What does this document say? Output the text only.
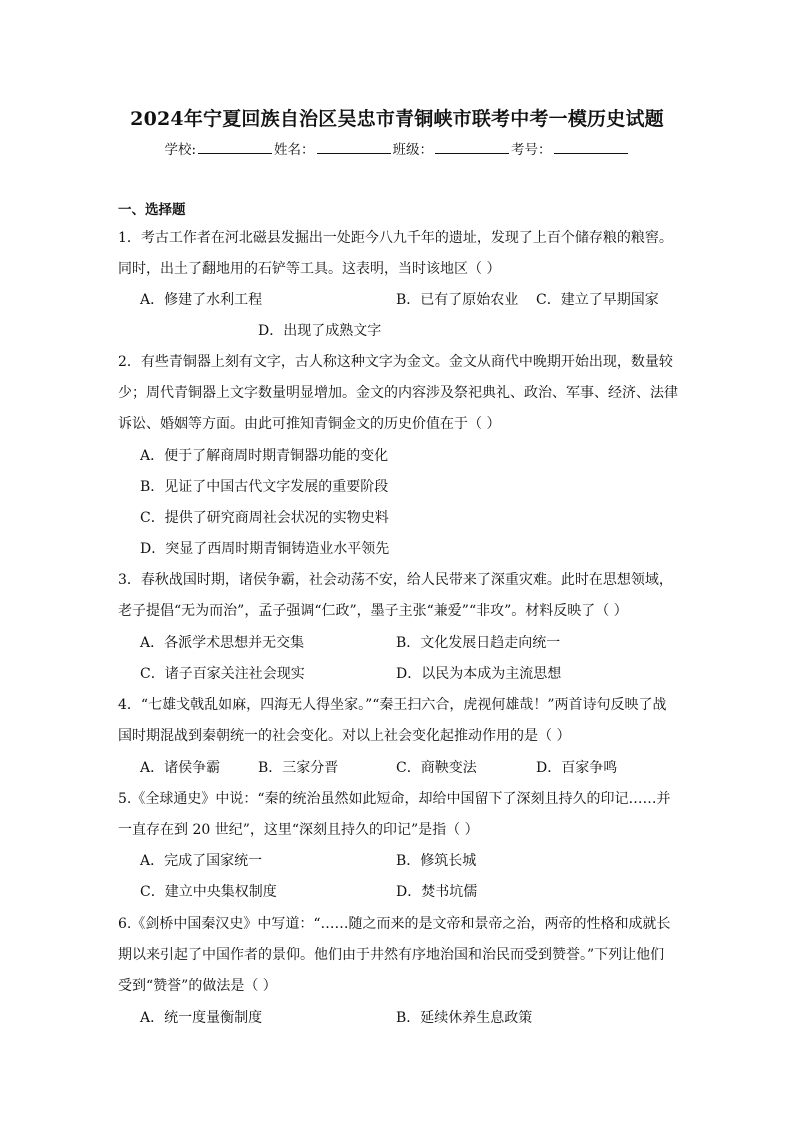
2024年宁夏回族自治区吴忠市青铜峡市联考中考一模历史试题
学校:	姓名：	班级：	考号：
一、选择题
1．考古工作者在河北磁县发掘出一处距今八九千年的遗址，发现了上百个储存粮的粮窖。
同时，出土了翻地用的石铲等工具。这表明，当时该地区（ ）
A．修建了水利工程	B．已有了原始农业 C．建立了早期国家
D．出现了成熟文字
2．有些青铜器上刻有文字，古人称这种文字为金文。金文从商代中晚期开始出现，数量较
少；周代青铜器上文字数量明显增加。金文的内容涉及祭祀典礼、政治、军事、经济、法律
诉讼、婚姻等方面。由此可推知青铜金文的历史价值在于（ ）
A．便于了解商周时期青铜器功能的变化
B．见证了中国古代文字发展的重要阶段
C．提供了研究商周社会状况的实物史料
D．突显了西周时期青铜铸造业水平领先
3．春秋战国时期，诸侯争霸，社会动荡不安，给人民带来了深重灾难。此时在思想领域，
老子提倡“无为而治”，孟子强调“仁政”，墨子主张“兼爱”“非攻”。材料反映了（ ）
A．各派学术思想并无交集	B．文化发展日趋走向统一
C．诸子百家关注社会现实	D．以民为本成为主流思想
4．“七雄戈戟乱如麻，四海无人得坐家。”“秦王扫六合，虎视何雄哉！”两首诗句反映了战
国时期混战到秦朝统一的社会变化。对以上社会变化起推动作用的是（ ）
A．诸侯争霸	B．三家分晋	C．商鞅变法	D．百家争鸣
5.《全球通史》中说：“秦的统治虽然如此短命，却给中国留下了深刻且持久的印记……并
一直存在到 20 世纪”，这里“深刻且持久的印记”是指（ ）
A．完成了国家统一	B．修筑长城
C．建立中央集权制度	D．焚书坑儒
6.《剑桥中国秦汉史》中写道：“……随之而来的是文帝和景帝之治，两帝的性格和成就长
期以来引起了中国作者的景仰。他们由于井然有序地治国和治民而受到赞誉。”下列让他们
受到“赞誉”的做法是（ ）
A．统一度量衡制度	B．延续休养生息政策
